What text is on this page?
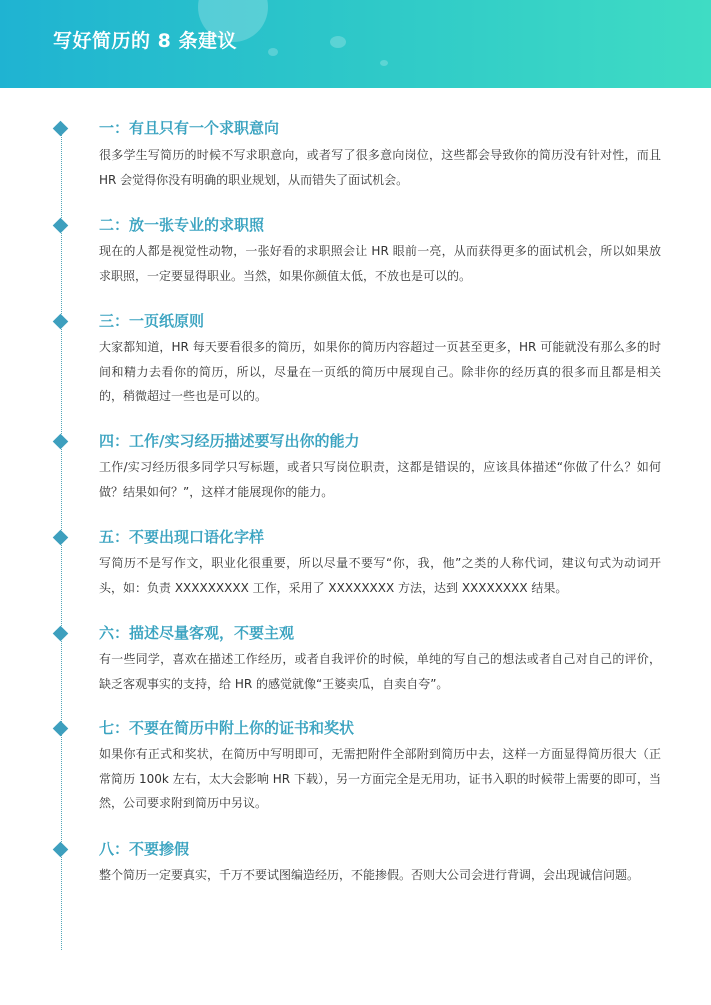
写好简历的 8 条建议
一：有且只有一个求职意向
很多学生写简历的时候不写求职意向，或者写了很多意向岗位，这些都会导致你的简历没有针对性，而且 HR 会觉得你没有明确的职业规划，从而错失了面试机会。
二：放一张专业的求职照
现在的人都是视觉性动物，一张好看的求职照会让 HR 眼前一亮，从而获得更多的面试机会，所以如果放求职照，一定要显得职业。当然，如果你颜值太低，不放也是可以的。
三：一页纸原则
大家都知道，HR 每天要看很多的简历，如果你的简历内容超过一页甚至更多，HR 可能就没有那么多的时间和精力去看你的简历，所以，尽量在一页纸的简历中展现自己。除非你的经历真的很多而且都是相关的，稍微超过一些也是可以的。
四：工作/实习经历描述要写出你的能力
工作/实习经历很多同学只写标题，或者只写岗位职责，这都是错误的，应该具体描述“你做了什么？如何做？结果如何？”，这样才能展现你的能力。
五：不要出现口语化字样
写简历不是写作文，职业化很重要，所以尽量不要写“你，我，他”之类的人称代词，建议句式为动词开头，如：负责 XXXXXXXXX 工作，采用了 XXXXXXXX 方法，达到 XXXXXXXX 结果。
六：描述尽量客观，不要主观
有一些同学，喜欢在描述工作经历，或者自我评价的时候，单纯的写自己的想法或者自己对自己的评价，缺乏客观事实的支持，给 HR 的感觉就像“王婆卖瓜，自卖自夸”。
七：不要在简历中附上你的证书和奖状
如果你有正式和奖状，在简历中写明即可，无需把附件全部附到简历中去，这样一方面显得简历很大（正常简历 100k 左右，太大会影响 HR 下载），另一方面完全是无用功，证书入职的时候带上需要的即可，当然，公司要求附到简历中另议。
八：不要掺假
整个简历一定要真实，千万不要试图编造经历，不能掺假。否则大公司会进行背调，会出现诚信问题。
